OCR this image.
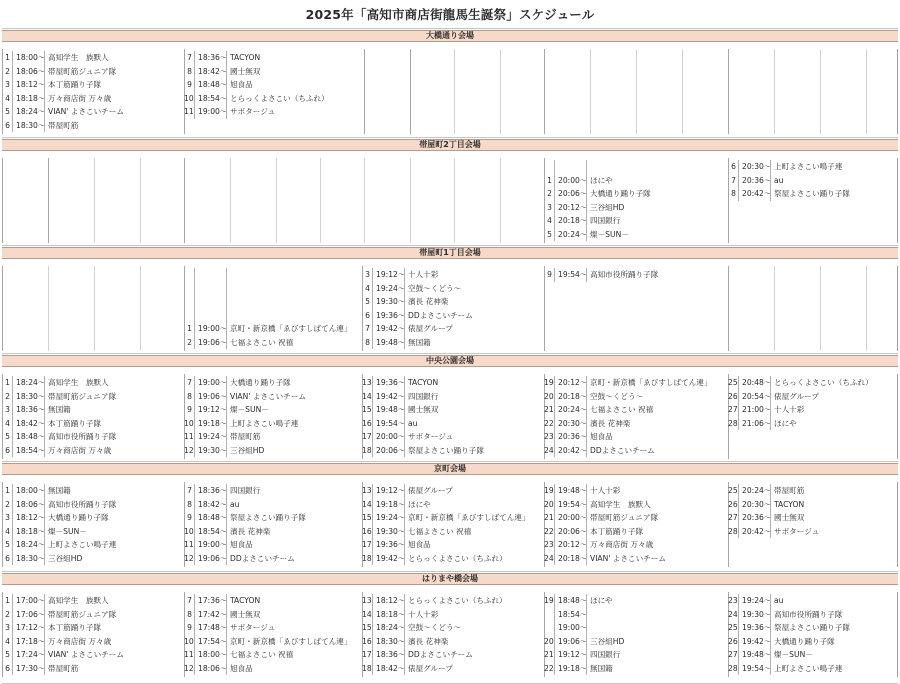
2025年「高知市商店街龍馬生誕祭」スケジュール
大橋通り会場
1 18:00～ 高知学生　族默人
2 18:06～ 帯屋町筋ジュニア隊
3 18:12～ 本丁筋踊り子隊
4 18:18～ 万々商店街 万々歳
5 18:24～ VIAN' よさこいチーム
6 18:30～ 帯屋町筋
7 18:36～ TACYON
8 18:42～ 國士無双
9 18:48～ 旭食品
10 18:54～ とらっくよさこい（ちふれ）
11 19:00～ サボタージュ
帯屋町2丁目会場
1 20:00～ ほにや
2 20:06～ 大橋通り踊り子隊
3 20:12～ 三谷組HD
4 20:18～ 四国銀行
5 20:24～ 燦－SUN－
6 20:30～ 上町よさこい鳴子連
7 20:36～ au
8 20:42～ 祭屋よさこい踊り子隊
帯屋町1丁目会場
1 19:00～ 京町・新京橋「ゑびすしばてん連」
2 19:06～ 七福よさこい 祝禧
3 19:12～ 十人十彩
4 19:24～ 空鼓～くどう～
5 19:30～ 濱長 花神楽
6 19:36～ DDよさこいチーム
7 19:42～ 俵屋グループ
8 19:48～ 無国籍
9 19:54～ 高知市役所踊り子隊
中央公園会場
1 18:24～ 高知学生　族默人
2 18:30～ 帯屋町筋ジュニア隊
3 18:36～ 無国籍
4 18:42～ 本丁筋踊り子隊
5 18:48～ 高知市役所踊り子隊
6 18:54～ 万々商店街 万々歳
7 19:00～ 大橋通り踊り子隊
8 19:06～ VIAN' よさこいチーム
9 19:12～ 燦－SUN－
10 19:18～ 上町よさこい鳴子連
11 19:24～ 帯屋町筋
12 19:30～ 三谷組HD
13 19:36～ TACYON
14 19:42～ 四国銀行
15 19:48～ 國士無双
16 19:54～ au
17 20:00～ サボタージュ
18 20:06～ 祭屋よさこい踊り子隊
19 20:12～ 京町・新京橋「ゑびすしばてん連」
20 20:18～ 空鼓～くどう～
21 20:24～ 七福よさこい 祝禧
22 20:30～ 濱長 花神楽
23 20:36～ 旭食品
24 20:42～ DDよさこいチーム
25 20:48～ とらっくよさこい（ちふれ）
26 20:54～ 俵屋グループ
27 21:00～ 十人十彩
28 21:06～ ほにや
京町会場
1 18:00～ 無国籍
2 18:06～ 高知市役所踊り子隊
3 18:12～ 大橋通り踊り子隊
4 18:18～ 燦－SUN－
5 18:24～ 上町よさこい鳴子連
6 18:30～ 三谷組HD
7 18:36～ 四国銀行
8 18:42～ au
9 18:48～ 祭屋よさこい踊り子隊
10 18:54～ 濱長 花神楽
11 19:00～ 旭食品
12 19:06～ DDよさこいチーム
13 19:12～ 俵屋グループ
14 19:18～ ほにや
15 19:24～ 京町・新京橋「ゑびすしばてん連」
16 19:30～ 七福よさこい 祝禧
17 19:36～ 旭食品
18 19:42～ とらっくよさこい（ちふれ）
19 19:48～ 十人十彩
20 19:54～ 高知学生　族默人
21 20:00～ 帯屋町筋ジュニア隊
22 20:06～ 本丁筋踊り子隊
23 20:12～ 万々商店街 万々歳
24 20:18～ VIAN' よさこいチーム
25 20:24～ 帯屋町筋
26 20:30～ TACYON
27 20:36～ 國士無双
28 20:42～ サボタージュ
はりまや橋会場
1 17:00～ 高知学生　族默人
2 17:06～ 帯屋町筋ジュニア隊
3 17:12～ 本丁筋踊り子隊
4 17:18～ 万々商店街 万々歳
5 17:24～ VIAN' よさこいチーム
6 17:30～ 帯屋町筋
7 17:36～ TACYON
8 17:42～ 國士無双
9 17:48～ サボタージュ
10 17:54～ 京町・新京橋「ゑびすしばてん連」
11 18:00～ 七福よさこい 祝禧
12 18:06～ 旭食品
13 18:12～ とらっくよさこい（ちふれ）
14 18:18～ 十人十彩
15 18:24～ 空鼓～くどう～
16 18:30～ 濱長 花神楽
17 18:36～ DDよさこいチーム
18 18:42～ 俵屋グループ
19 18:48～ ほにや
18:54～
19:00～
20 19:06～ 三谷組HD
21 19:12～ 四国銀行
22 19:18～ 無国籍
23 19:24～ au
24 19:30～ 高知市役所踊り子隊
25 19:36～ 祭屋よさこい踊り子隊
26 19:42～ 大橋通り踊り子隊
27 19:48～ 燦－SUN－
28 19:54～ 上町よさこい鳴子連
